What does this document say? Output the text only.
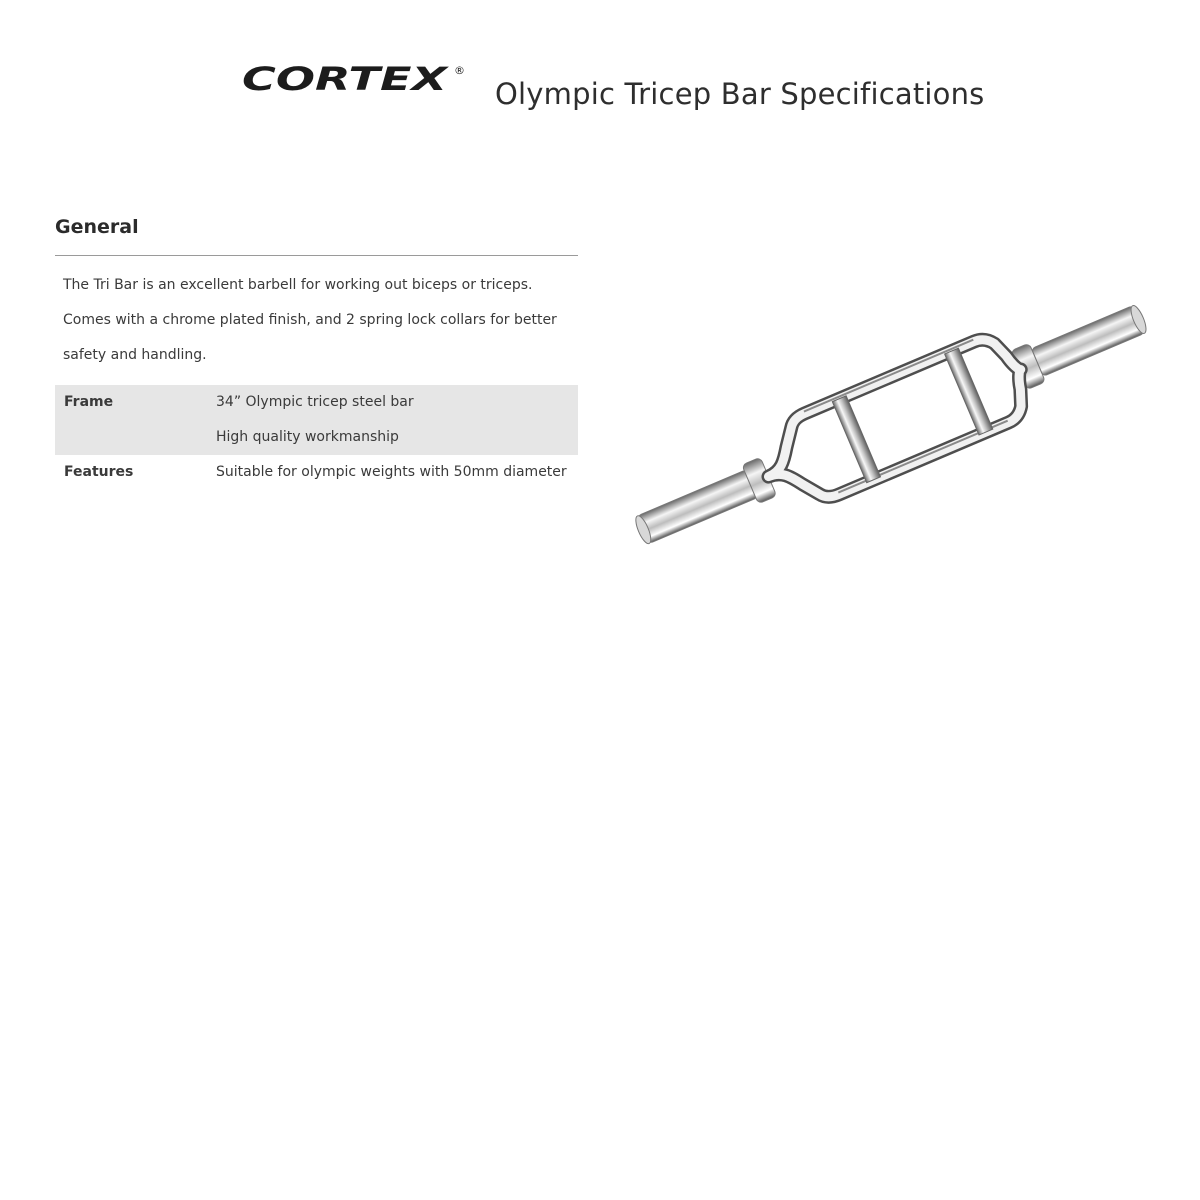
CORTEX ®
Olympic Tricep Bar Specifications
General
The Tri Bar is an excellent barbell for working out biceps or triceps.
Comes with a chrome plated finish, and 2 spring lock collars for better
safety and handling.
Frame	34” Olympic tricep steel bar
High quality workmanship

Features	Suitable for olympic weights with 50mm diameter
